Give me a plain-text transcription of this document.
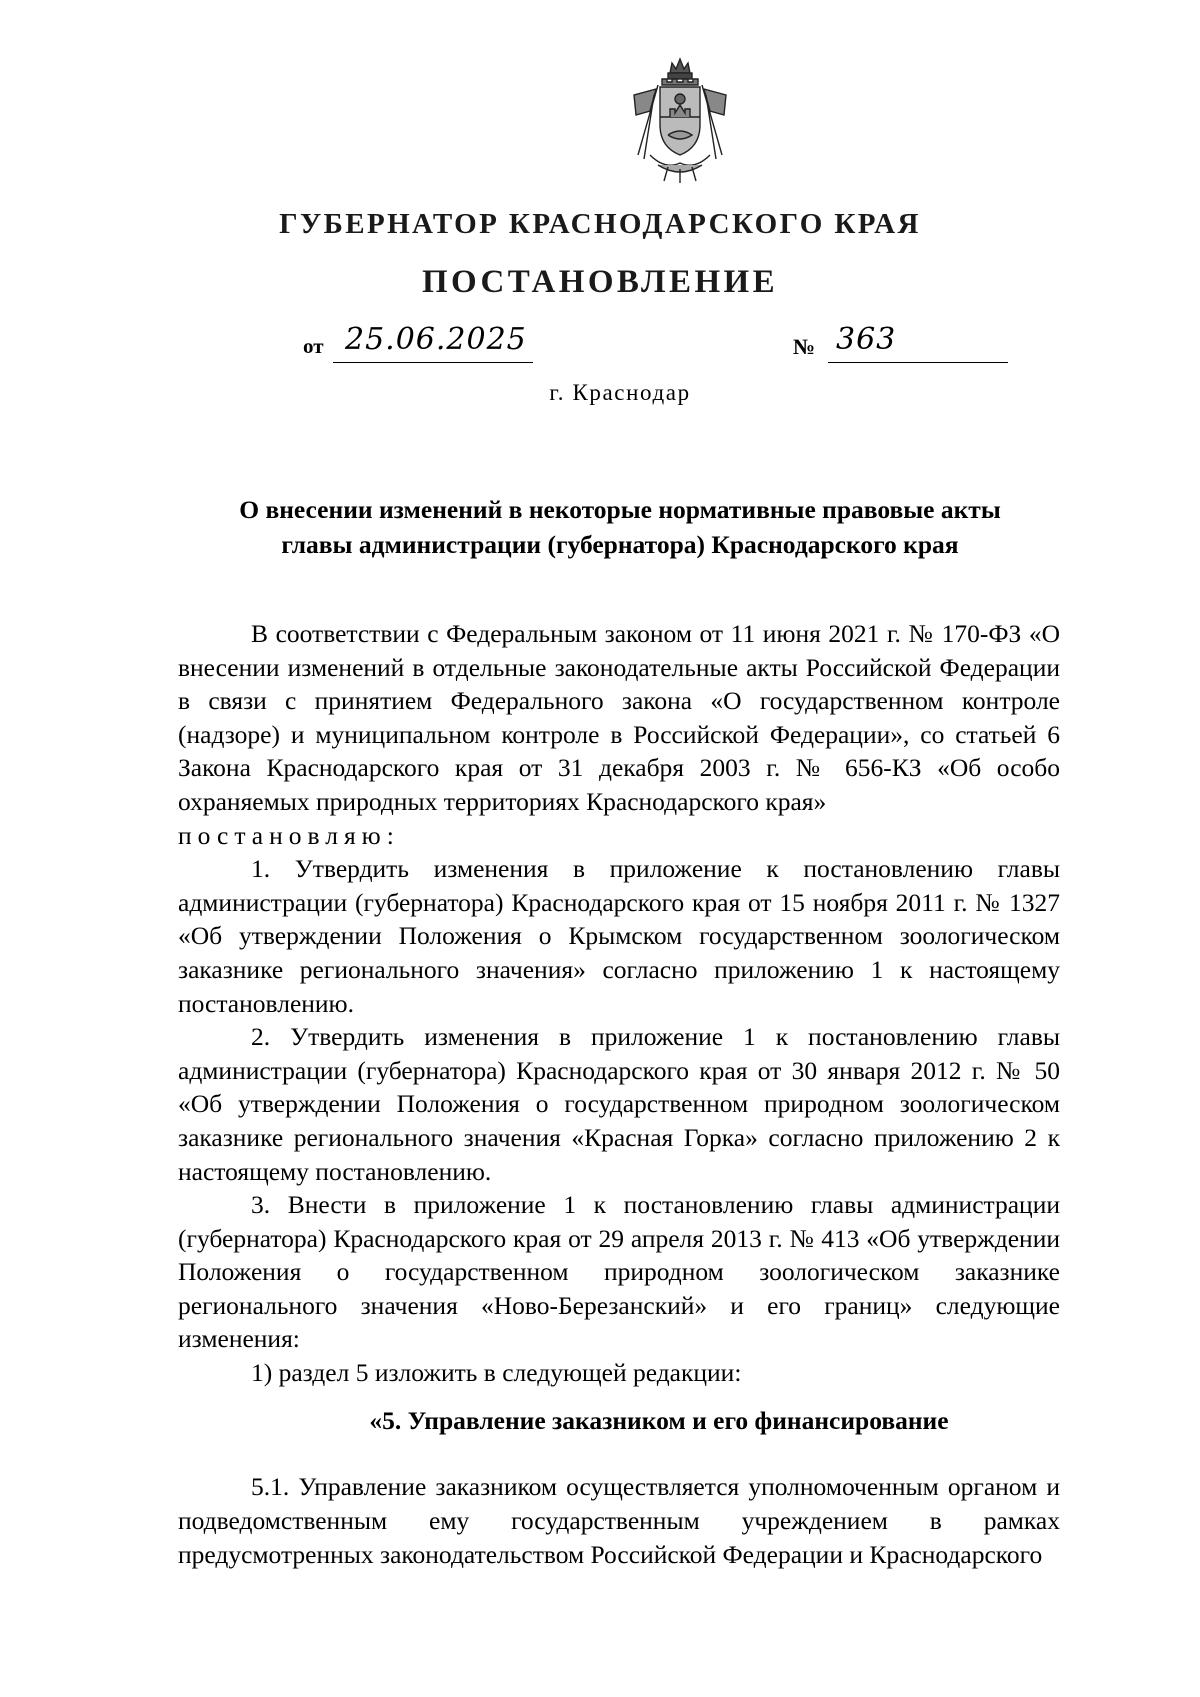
ГУБЕРНАТОР КРАСНОДАРСКОГО КРАЯ
ПОСТАНОВЛЕНИЕ
от 25.06.2025	№ 363
г. Краснодар
О внесении изменений в некоторые нормативные правовые акты
главы администрации (губернатора) Краснодарского края

В соответствии с Федеральным законом от 11 июня 2021 г. № 170-ФЗ «О внесении изменений в отдельные законодательные акты Российской Федерации в связи с принятием Федерального закона «О государственном контроле (надзоре) и муниципальном контроле в Российской Федерации», со статьей 6 Закона Краснодарского края от 31 декабря 2003 г. № 656-КЗ «Об особо охраняемых природных территориях Краснодарского края»

постановляю:

1. Утвердить изменения в приложение к постановлению главы администрации (губернатора) Краснодарского края от 15 ноября 2011 г. № 1327 «Об утверждении Положения о Крымском государственном зоологическом заказнике регионального значения» согласно приложению 1 к настоящему постановлению.

2. Утвердить изменения в приложение 1 к постановлению главы администрации (губернатора) Краснодарского края от 30 января 2012 г. № 50 «Об утверждении Положения о государственном природном зоологическом заказнике регионального значения «Красная Горка» согласно приложению 2 к настоящему постановлению.

3. Внести в приложение 1 к постановлению главы администрации (губернатора) Краснодарского края от 29 апреля 2013 г. № 413 «Об утверждении Положения о государственном природном зоологическом заказнике регионального значения «Ново-Березанский» и его границ» следующие изменения:

1) раздел 5 изложить в следующей редакции:

«5. Управление заказником и его финансирование

5.1. Управление заказником осуществляется уполномоченным органом и подведомственным ему государственным учреждением в рамках предусмотренных законодательством Российской Федерации и Краснодарского
